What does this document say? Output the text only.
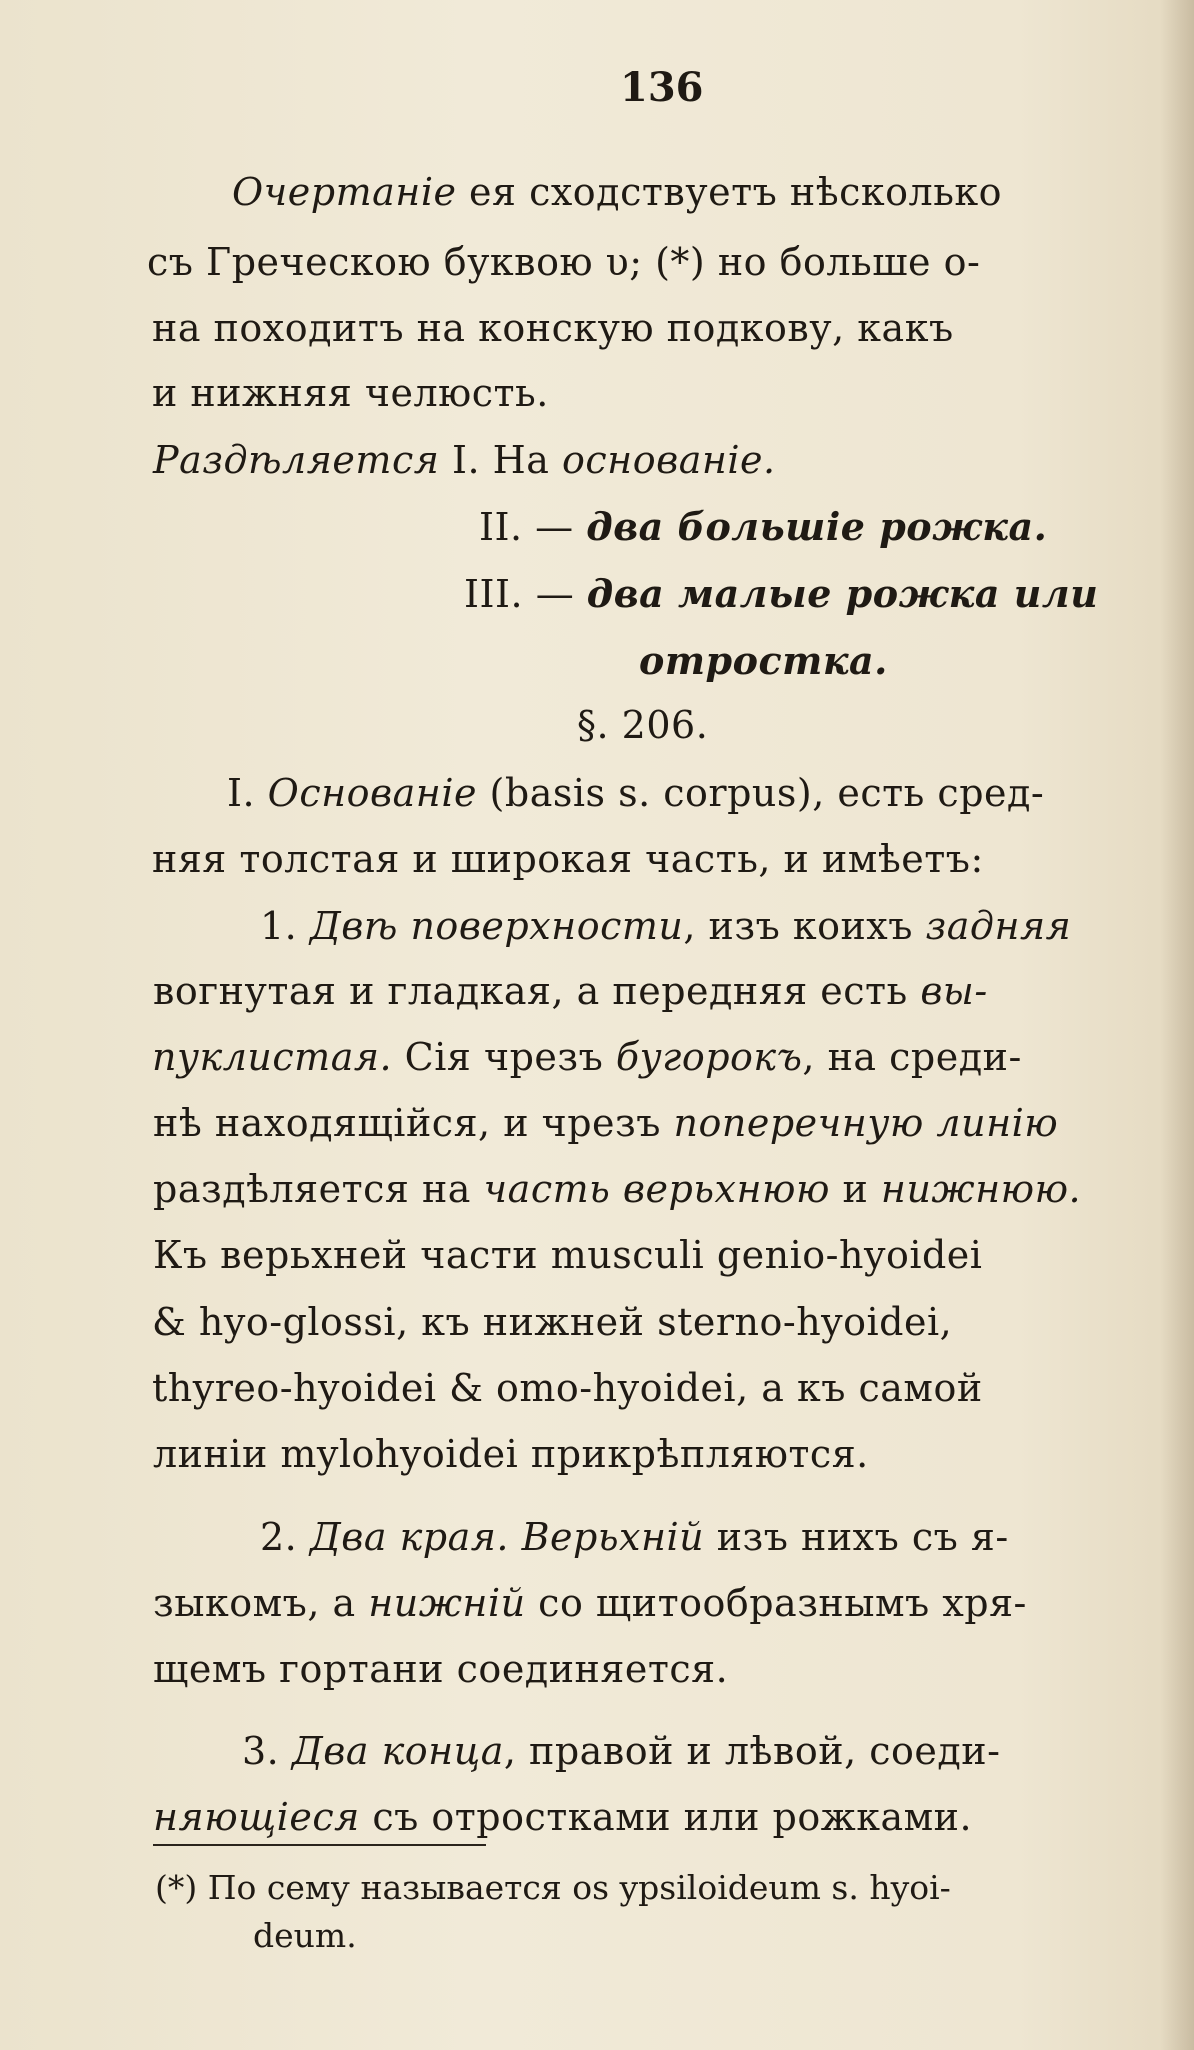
136
Очертаніе ея сходствуетъ нѣсколько
съ Греческою буквою υ; (*) но больше о-
на походитъ на конскую подкову, какъ
и нижняя челюсть.
Раздѣляется I. На основаніе.
II. — два большіе рожка.
III. — два малые рожка или
отростка.
§. 206.
I. Основаніе (basis s. corpus), есть сред-
няя толстая и широкая часть, и имѣетъ:
1. Двѣ поверхности, изъ коихъ задняя
вогнутая и гладкая, а передняя есть вы-
пуклистая. Сія чрезъ бугорокъ, на среди-
нѣ находящійся, и чрезъ поперечную линію
раздѣляется на часть верьхнюю и нижнюю.
Къ верьхней части musculi genio-hyoidei
& hyo-glossi, къ нижней sterno-hyoidei,
thyreo-hyoidei & omo-hyoidei, а къ самой
линіи mylohyoidei прикрѣпляются.
2. Два края. Верьхній изъ нихъ съ я-
зыкомъ, а нижній со щитообразнымъ хря-
щемъ гортани соединяется.
3. Два конца, правой и лѣвой, соеди-
няющіеся съ отростками или рожками.
(*) По сему называется os ypsiloideum s. hyoi-
deum.
